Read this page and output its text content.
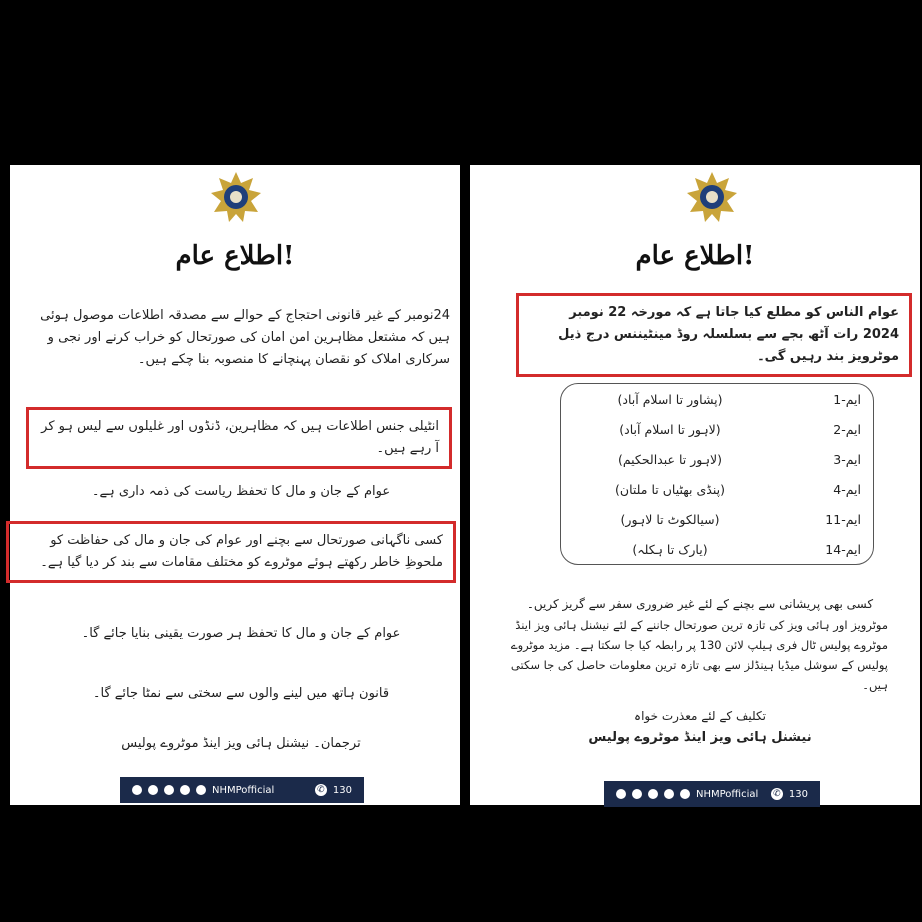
اطلاع عام!
24نومبر کے غیر قانونی احتجاج کے حوالے سے مصدقہ اطلاعات موصول ہوئی ہیں کہ مشتعل مظاہرین امن امان کی صورتحال کو خراب کرنے اور نجی و سرکاری املاک کو نقصان پہنچانے کا منصوبہ بنا چکے ہیں۔
انٹیلی جنس اطلاعات ہیں کہ مظاہرین، ڈنڈوں اور غلیلوں سے لیس ہو کر آ رہے ہیں۔
عوام کے جان و مال کا تحفظ ریاست کی ذمہ داری ہے۔
کسی ناگہانی صورتحال سے بچنے اور عوام کی جان و مال کی حفاظت کو ملحوظِ خاطر رکھتے ہوئے موٹروے کو مختلف مقامات سے بند کر دیا گیا ہے۔
عوام کے جان و مال کا تحفظ ہر صورت یقینی بنایا جائے گا۔
قانون ہاتھ میں لینے والوں سے سختی سے نمٹا جائے گا۔
ترجمان۔ نیشنل ہائی ویز اینڈ موٹروے پولیس
NHMPofficial	✆ 130
اطلاع عام!
عوام الناس کو مطلع کیا جاتا ہے کہ مورخہ 22 نومبر 2024 رات آٹھ بجے سے بسلسلہ روڈ مینٹیننس درج ذیل موٹرویز بند رہیں گی۔
ایم-1	(پشاور تا اسلام آباد)
ایم-2	(لاہور تا اسلام آباد)
ایم-3	(لاہور تا عبدالحکیم)
ایم-4	(پنڈی بھٹیاں تا ملتان)
ایم-11	(سیالکوٹ تا لاہور)
ایم-14	(یارک تا ہکلہ)
کسی بھی پریشانی سے بچنے کے لئے غیر ضروری سفر سے گریز کریں۔
موٹرویز اور ہائی ویز کی تازہ ترین صورتحال جاننے کے لئے نیشنل ہائی ویز اینڈ موٹروے پولیس ٹال فری ہیلپ لائن 130 پر رابطہ کیا جا سکتا ہے۔ مزید موٹروے پولیس کے سوشل میڈیا ہینڈلز سے بھی تازہ ترین معلومات حاصل کی جا سکتی ہیں۔
تکلیف کے لئے معذرت خواہ
نیشنل ہائی ویز اینڈ موٹروے پولیس
NHMPofficial ✆ 130
